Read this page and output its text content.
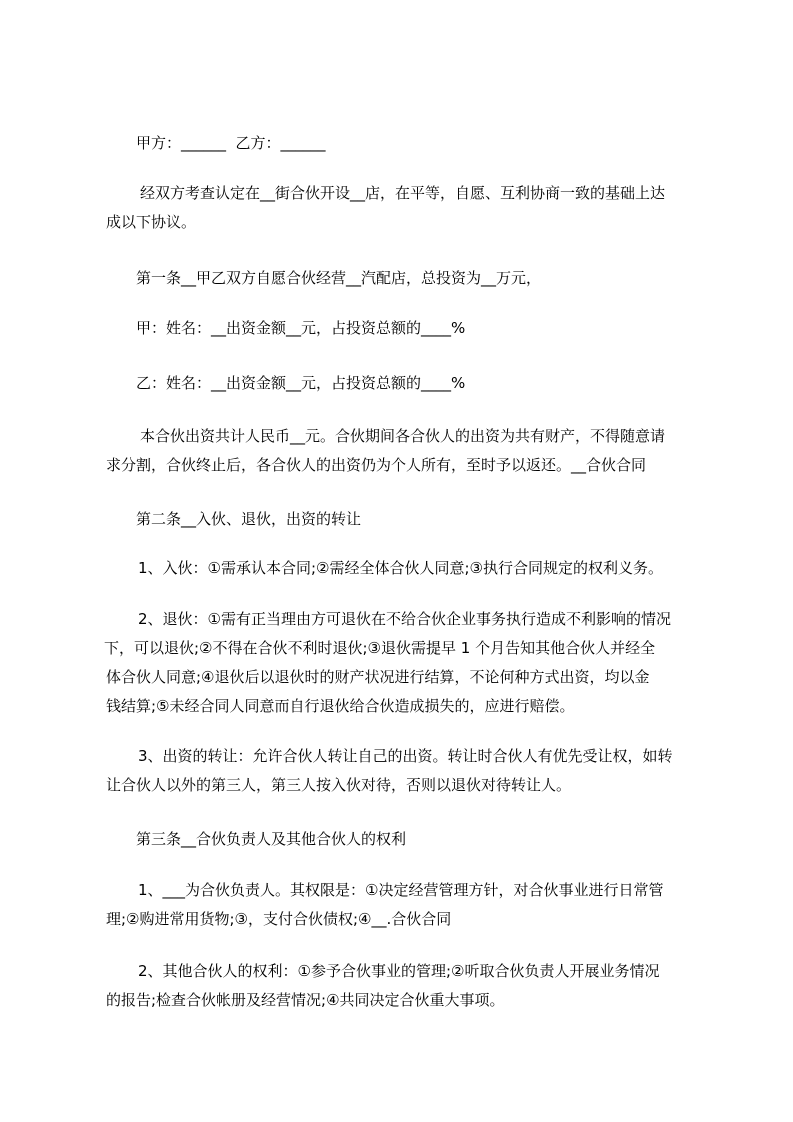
甲方：______  乙方：______
经双方考查认定在__街合伙开设__店，在平等，自愿、互利协商一致的基础上达
成以下协议。
第一条__甲乙双方自愿合伙经营__汽配店，总投资为__万元，
甲：姓名：__出资金额__元，占投资总额的____%
乙：姓名：__出资金额__元，占投资总额的____%
本合伙出资共计人民币__元。合伙期间各合伙人的出资为共有财产，不得随意请
求分割，合伙终止后，各合伙人的出资仍为个人所有，至时予以返还。__合伙合同
第二条__入伙、退伙，出资的转让
1、入伙：①需承认本合同;②需经全体合伙人同意;③执行合同规定的权利义务。
2、退伙：①需有正当理由方可退伙在不给合伙企业事务执行造成不利影响的情况
下，可以退伙;②不得在合伙不利时退伙;③退伙需提早 1 个月告知其他合伙人并经全
体合伙人同意;④退伙后以退伙时的财产状况进行结算，不论何种方式出资，均以金
钱结算;⑤未经合同人同意而自行退伙给合伙造成损失的，应进行赔偿。
3、出资的转让：允许合伙人转让自己的出资。转让时合伙人有优先受让权，如转
让合伙人以外的第三人，第三人按入伙对待，否则以退伙对待转让人。
第三条__合伙负责人及其他合伙人的权利
1、___为合伙负责人。其权限是：①决定经营管理方针，对合伙事业进行日常管
理;②购进常用货物;③，支付合伙债权;④__.合伙合同
2、其他合伙人的权利：①参予合伙事业的管理;②听取合伙负责人开展业务情况
的报告;检查合伙帐册及经营情况;④共同决定合伙重大事项。
